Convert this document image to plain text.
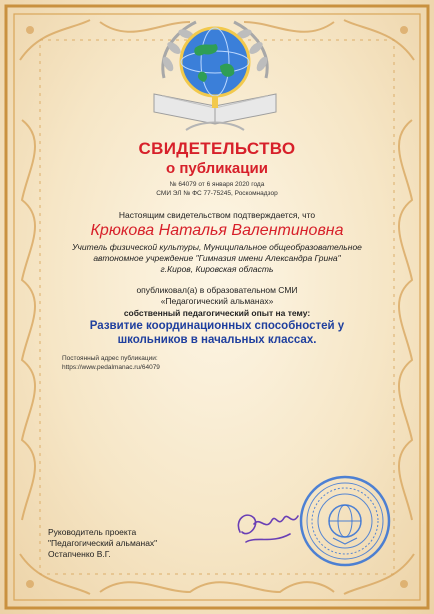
СВИДЕТЕЛЬСТВО

о публикации

№ 64079 от 6 января 2020 года

СМИ ЭЛ № ФС 77-75245, Роскомнадзор

Настоящим свидетельством подтверждается, что

Крюкова Наталья Валентиновна

Учитель физической культуры, Муниципальное общеобразовательное

автономное учреждение "Гимназия имени Александра Грина"

г.Киров, Кировская область

опубликовал(а) в образовательном СМИ

«Педагогический альманах»

собственный педагогический опыт на тему:

Развитие координационных способностей у

школьников в начальных классах.

Постоянный адрес публикации:

https://www.pedalmanac.ru/64079

Руководитель проекта

"Педагогический альманах"

Остапченко В.Г.
